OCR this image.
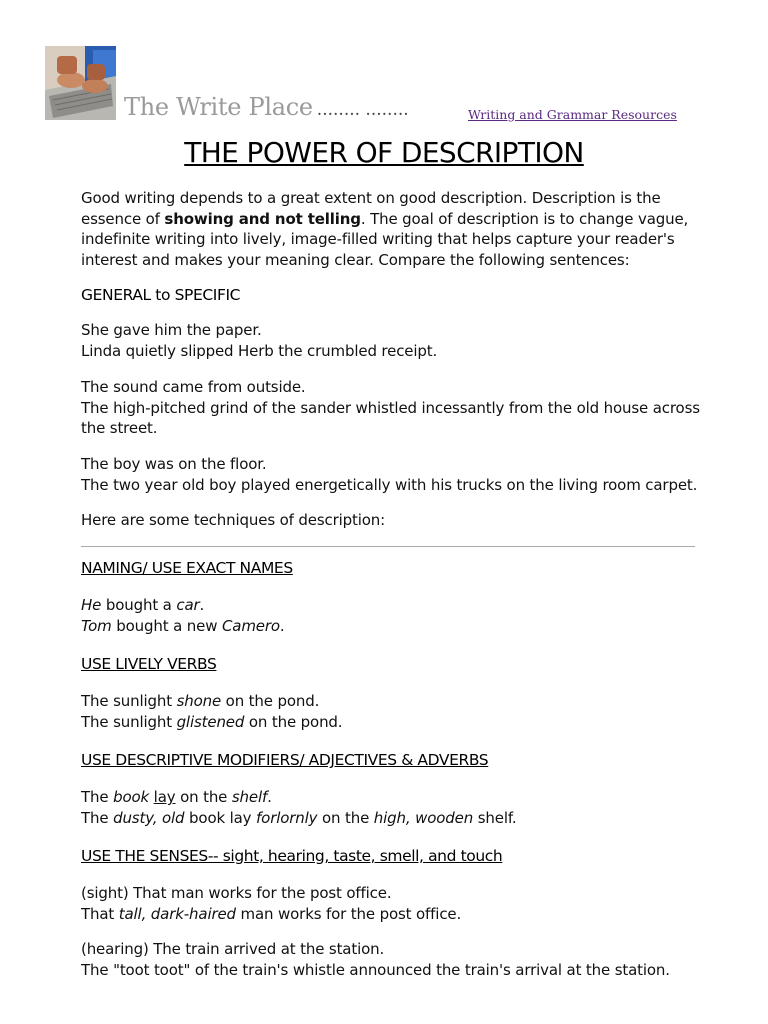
The Write Place ........ ........	Writing and Grammar Resources
THE POWER OF DESCRIPTION
Good writing depends to a great extent on good description. Description is the
essence of showing and not telling. The goal of description is to change vague,
indefinite writing into lively, image-filled writing that helps capture your reader's
interest and makes your meaning clear. Compare the following sentences:
GENERAL to SPECIFIC
She gave him the paper.
Linda quietly slipped Herb the crumbled receipt.
The sound came from outside.
The high-pitched grind of the sander whistled incessantly from the old house across
the street.
The boy was on the floor.
The two year old boy played energetically with his trucks on the living room carpet.
Here are some techniques of description:
NAMING/ USE EXACT NAMES
He bought a car.
Tom bought a new Camero.
USE LIVELY VERBS
The sunlight shone on the pond.
The sunlight glistened on the pond.
USE DESCRIPTIVE MODIFIERS/ ADJECTIVES & ADVERBS
The book lay on the shelf.
The dusty, old book lay forlornly on the high, wooden shelf.
USE THE SENSES-- sight, hearing, taste, smell, and touch
(sight) That man works for the post office.
That tall, dark-haired man works for the post office.
(hearing) The train arrived at the station.
The "toot toot" of the train's whistle announced the train's arrival at the station.
